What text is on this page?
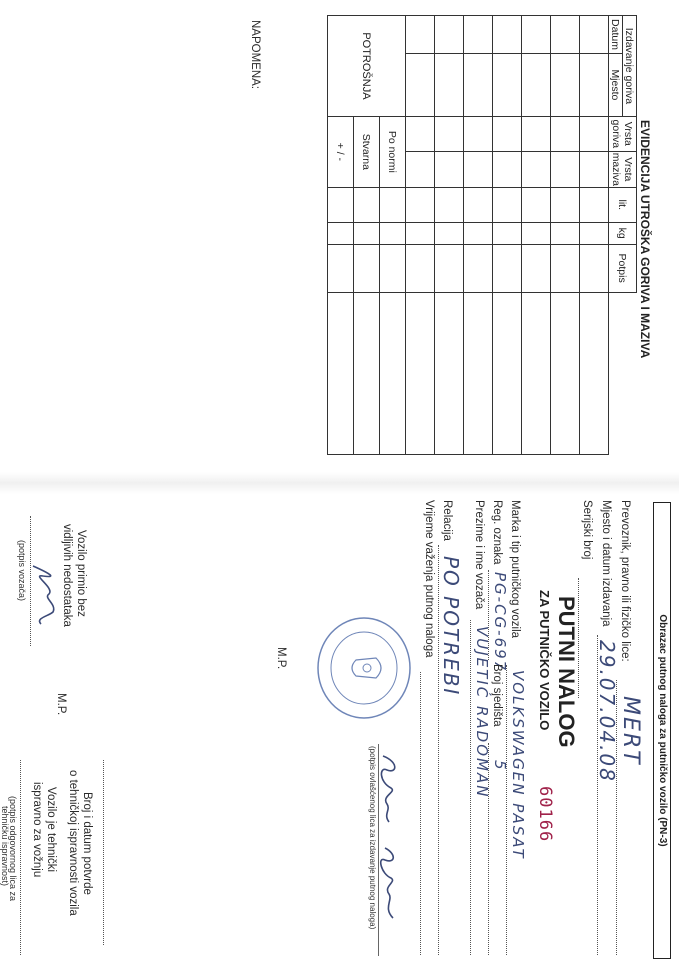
EVIDENCIJA UTROŠKA GORIVA I MAZIVA
Izdavanje goriva		Vrsta goriva	Vrsta maziva	lit.	kg	Potpis	
Datum	Mjesto						

POTROŠNJA		Po normi					
		Stvarna					
		+ / -					
NAPOMENA:
Obrazac putnog naloga za putničko vozilo (PN-3)
Prevoznik, pravno ili fizičko lice:
MERT
Mjesto i datum izdavanja
29.07.04.08
Serijski broj
PUTNI NALOG
ZA PUTNIČKO VOZILO
60166
Marka i tip putničkog vozila
VOLKSWAGEN PASAT
Reg. oznaka
PG-CG-697
Broj sjedišta
5
Prezime i ime vozača
VUJETIĆ RADOMAN
Relacija
PO POTREBI
Vrijeme važenja putnog naloga
(potpis ovlašćenog lica za izdavanje putnog naloga)
Vozilo primio bez
vidljivih nedostataka
(potpis vozača)
M.P.
M.P.
Broj i datum potvrde
o tehničkoj ispravnosti vozila
Vozilo je tehnički
ispravno za vožnju
(potpis odgovornog lica za
tehničku ispravnost)
